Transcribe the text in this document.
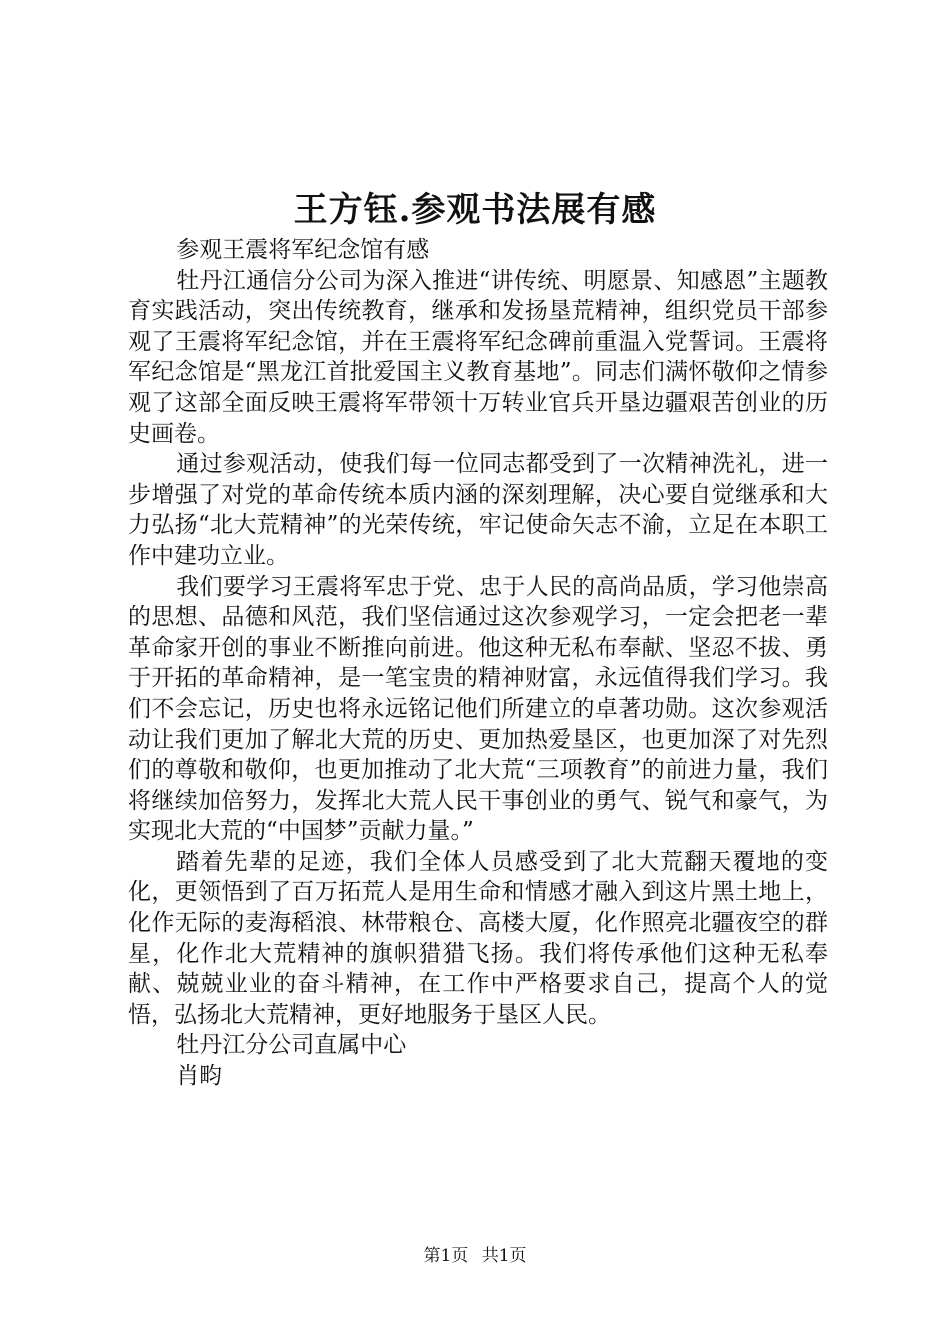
王方钰.参观书法展有感

参观王震将军纪念馆有感

牡丹江通信分公司为深入推进“讲传统、明愿景、知感恩”主题教育实践活动，突出传统教育，继承和发扬垦荒精神，组织党员干部参观了王震将军纪念馆，并在王震将军纪念碑前重温入党誓词。王震将军纪念馆是“黑龙江首批爱国主义教育基地”。同志们满怀敬仰之情参观了这部全面反映王震将军带领十万转业官兵开垦边疆艰苦创业的历史画卷。

通过参观活动，使我们每一位同志都受到了一次精神洗礼，进一步增强了对党的革命传统本质内涵的深刻理解，决心要自觉继承和大力弘扬“北大荒精神”的光荣传统，牢记使命矢志不渝，立足在本职工作中建功立业。

我们要学习王震将军忠于党、忠于人民的高尚品质，学习他崇高的思想、品德和风范，我们坚信通过这次参观学习，一定会把老一辈革命家开创的事业不断推向前进。他这种无私布奉献、坚忍不拔、勇于开拓的革命精神，是一笔宝贵的精神财富，永远值得我们学习。我们不会忘记，历史也将永远铭记他们所建立的卓著功勋。这次参观活动让我们更加了解北大荒的历史、更加热爱垦区，也更加深了对先烈们的尊敬和敬仰，也更加推动了北大荒“三项教育”的前进力量，我们将继续加倍努力，发挥北大荒人民干事创业的勇气、锐气和豪气，为实现北大荒的“中国梦”贡献力量。”

踏着先辈的足迹，我们全体人员感受到了北大荒翻天覆地的变化，更领悟到了百万拓荒人是用生命和情感才融入到这片黑土地上，化作无际的麦海稻浪、林带粮仓、高楼大厦，化作照亮北疆夜空的群星，化作北大荒精神的旗帜猎猎飞扬。我们将传承他们这种无私奉献、兢兢业业的奋斗精神，在工作中严格要求自己，提高个人的觉悟，弘扬北大荒精神，更好地服务于垦区人民。

牡丹江分公司直属中心

肖畇

第1页 共1页
